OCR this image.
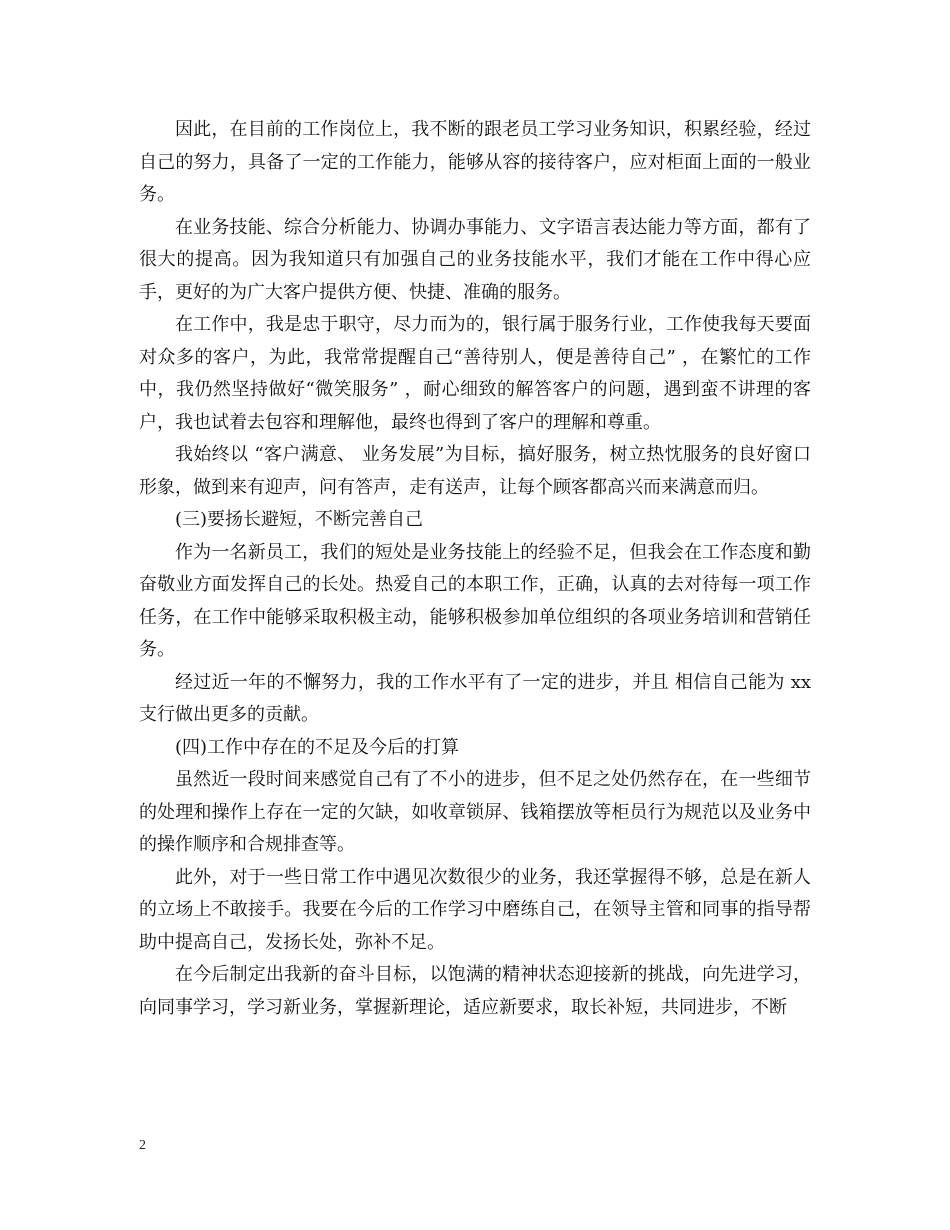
因此，在目前的工作岗位上，我不断的跟老员工学习业务知识，积累经验，经过自己的努力，具备了一定的工作能力，能够从容的接待客户，应对柜面上面的一般业务。

在业务技能、综合分析能力、协调办事能力、文字语言表达能力等方面，都有了很大的提高。因为我知道只有加强自己的业务技能水平，我们才能在工作中得心应手，更好的为广大客户提供方便、快捷、准确的服务。

在工作中，我是忠于职守，尽力而为的，银行属于服务行业，工作使我每天要面对众多的客户，为此，我常常提醒自己“善待别人，便是善待自己” ，在繁忙的工作中，我仍然坚持做好“微笑服务” ，耐心细致的解答客户的问题，遇到蛮不讲理的客户，我也试着去包容和理解他，最终也得到了客户的理解和尊重。

我始终以 “客户满意、 业务发展”为目标，搞好服务，树立热忱服务的良好窗口形象，做到来有迎声，问有答声，走有送声，让每个顾客都高兴而来满意而归。

(三)要扬长避短，不断完善自己

作为一名新员工，我们的短处是业务技能上的经验不足，但我会在工作态度和勤奋敬业方面发挥自己的长处。热爱自己的本职工作，正确，认真的去对待每一项工作任务，在工作中能够采取积极主动，能够积极参加单位组织的各项业务培训和营销任务。

经过近一年的不懈努力，我的工作水平有了一定的进步，并且 相信自己能为 xx 支行做出更多的贡献。

(四)工作中存在的不足及今后的打算

虽然近一段时间来感觉自己有了不小的进步，但不足之处仍然存在，在一些细节的处理和操作上存在一定的欠缺，如收章锁屏、钱箱摆放等柜员行为规范以及业务中的操作顺序和合规排查等。

此外，对于一些日常工作中遇见次数很少的业务，我还掌握得不够，总是在新人的立场上不敢接手。我要在今后的工作学习中磨练自己，在领导主管和同事的指导帮助中提高自己，发扬长处，弥补不足。

在今后制定出我新的奋斗目标，以饱满的精神状态迎接新的挑战，向先进学习，向同事学习，学习新业务，掌握新理论，适应新要求，取长补短，共同进步，不断

2
